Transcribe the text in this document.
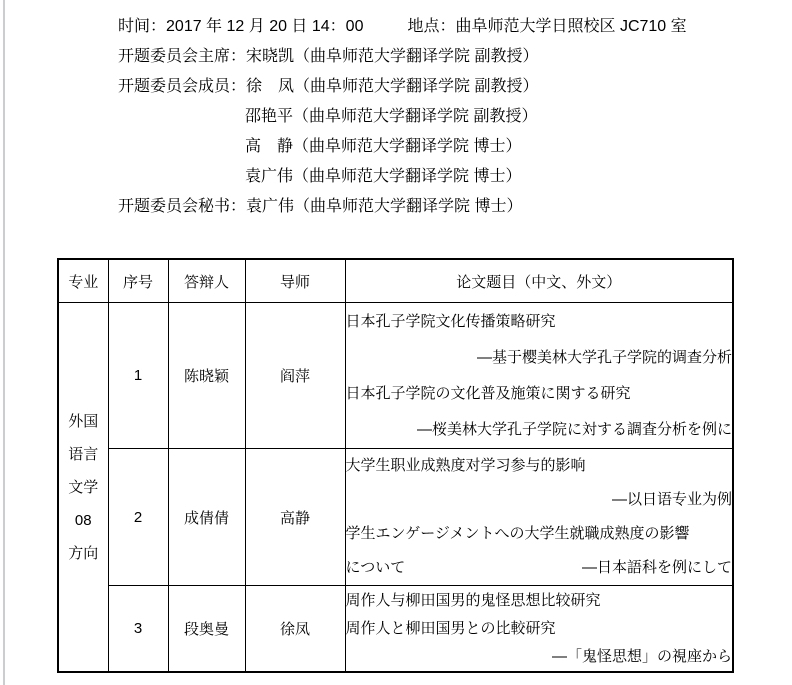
时间：2017 年 12 月 20 日 14：00	地点：曲阜师范大学日照校区 JC710 室
开题委员会主席：宋晓凯（曲阜师范大学翻译学院 副教授）
开题委员会成员：徐　凤（曲阜师范大学翻译学院 副教授）
邵艳平（曲阜师范大学翻译学院 副教授）
高　静（曲阜师范大学翻译学院 博士）
袁广伟（曲阜师范大学翻译学院 博士）
开题委员会秘书：袁广伟（曲阜师范大学翻译学院 博士）
专业	序号	答辩人	导师	论文题目（中文、外文）

外国
语言
文学
08
方向
	1	陈晓颖	阎萍	
日本孔子学院文化传播策略研究
—基于樱美林大学孔子学院的调查分析
日本孔子学院の文化普及施策に関する研究
—桜美林大学孔子学院に対する調査分析を例に

	2	成倩倩	高静	大学生职业成熟度对学习参与的影响
—以日语专业为例
学生エンゲージメントへの大学生就職成熟度の影響
について —日本語科を例にして

	3	段奥曼	徐凤	周作人与柳田国男的鬼怪思想比较研究
周作人と柳田国男との比較研究
—「鬼怪思想」の視座から
